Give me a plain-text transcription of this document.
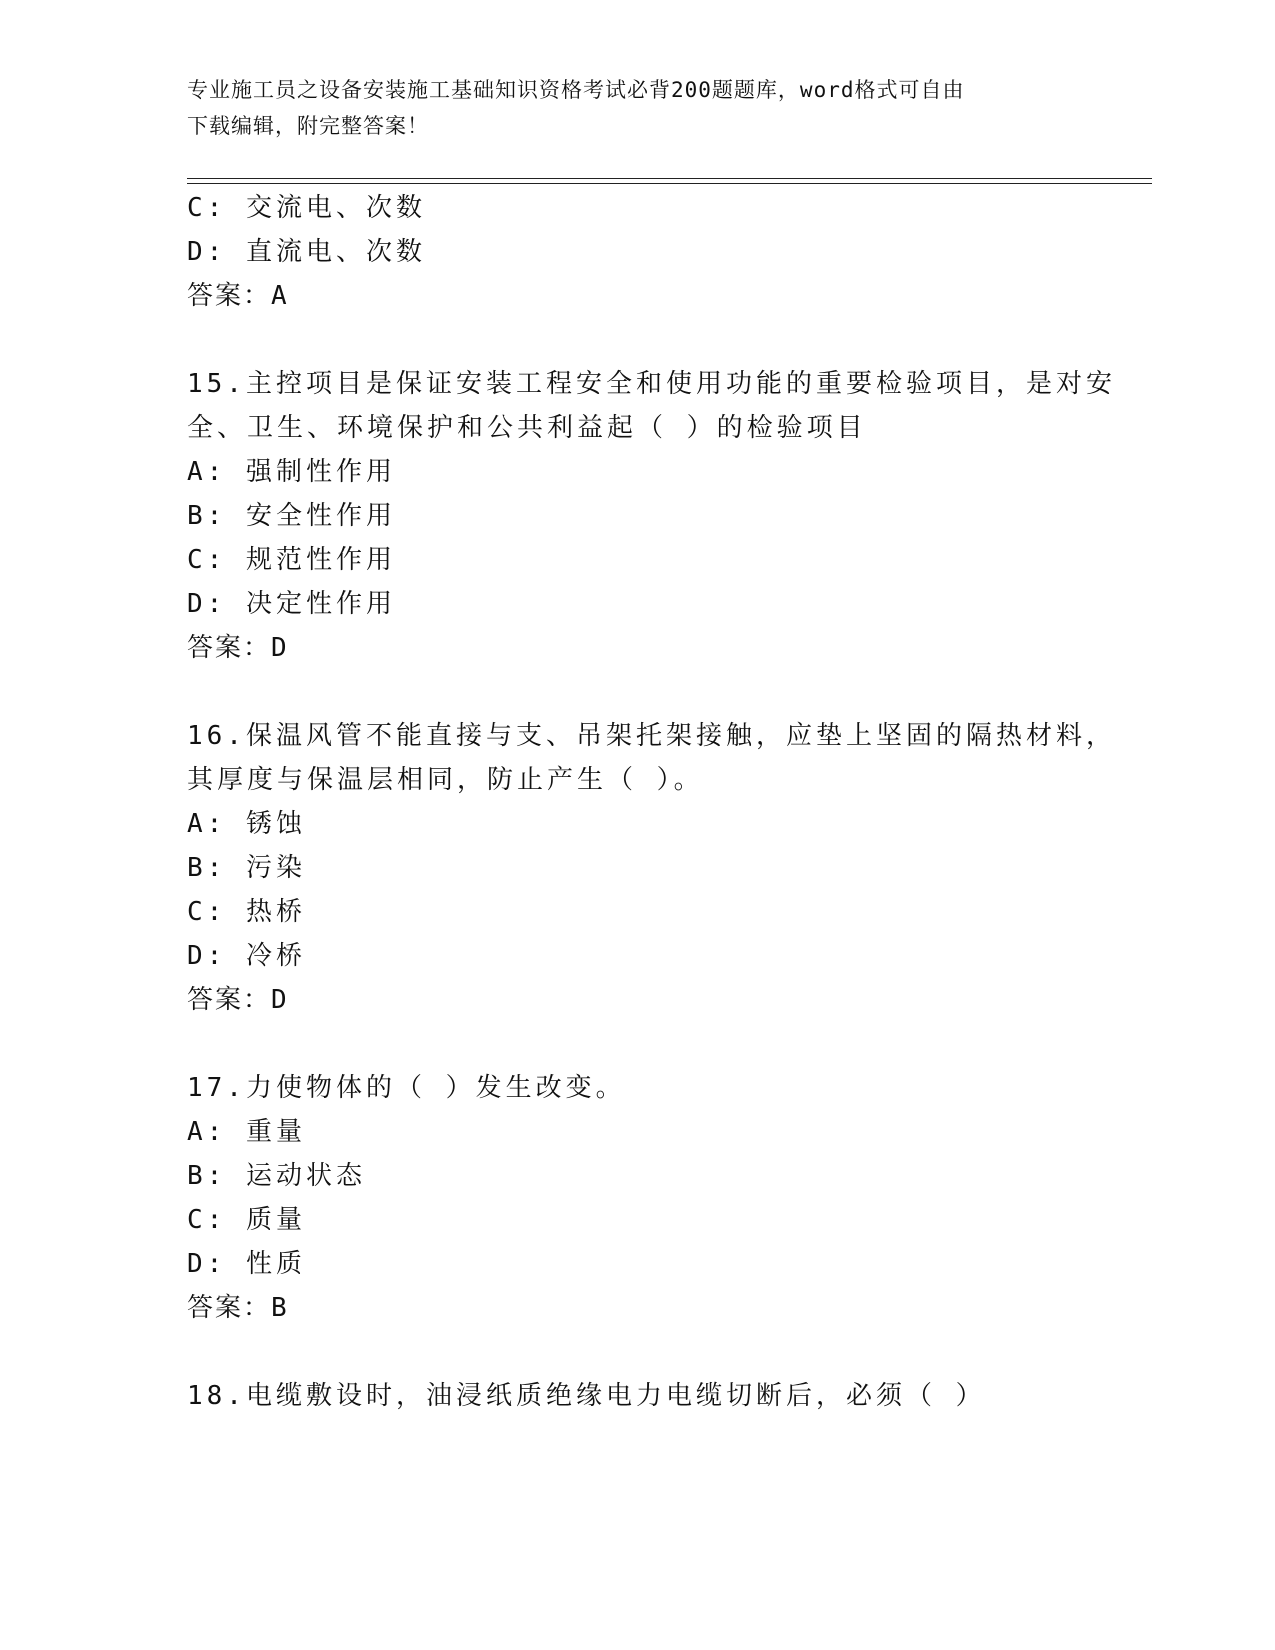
专业施工员之设备安装施工基础知识资格考试必背200题题库，word格式可自由
下载编辑，附完整答案！
C: 交流电、次数
D: 直流电、次数
答案：A
15.主控项目是保证安装工程安全和使用功能的重要检验项目，是对安
全、卫生、环境保护和公共利益起（ ）的检验项目
A: 强制性作用
B: 安全性作用
C: 规范性作用
D: 决定性作用
答案：D
16.保温风管不能直接与支、吊架托架接触，应垫上坚固的隔热材料，
其厚度与保温层相同，防止产生（ ）。
A: 锈蚀
B: 污染
C: 热桥
D: 冷桥
答案：D
17.力使物体的（ ）发生改变。
A: 重量
B: 运动状态
C: 质量
D: 性质
答案：B
18.电缆敷设时，油浸纸质绝缘电力电缆切断后，必须（ ）
